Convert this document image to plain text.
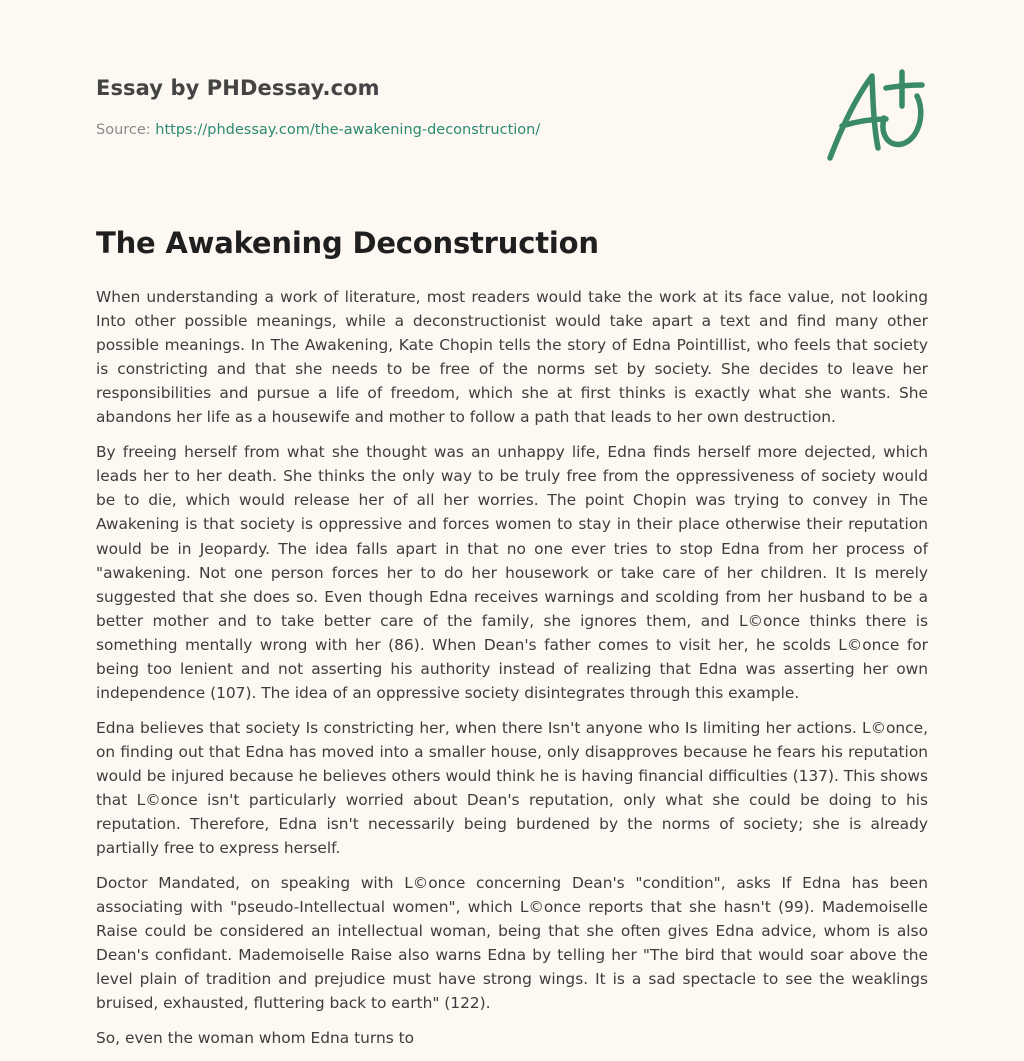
Essay by PHDessay.com
Source: https://phdessay.com/the-awakening-deconstruction/
The Awakening Deconstruction

When understanding a work of literature, most readers would take the work at its face value, not looking Into other possible meanings, while a deconstructionist would take apart a text and find many other possible meanings. In The Awakening, Kate Chopin tells the story of Edna Pointillist, who feels that society is constricting and that she needs to be free of the norms set by society. She decides to leave her responsibilities and pursue a life of freedom, which she at first thinks is exactly what she wants. She abandons her life as a housewife and mother to follow a path that leads to her own destruction.

By freeing herself from what she thought was an unhappy life, Edna finds herself more dejected, which leads her to her death. She thinks the only way to be truly free from the oppressiveness of society would be to die, which would release her of all her worries. The point Chopin was trying to convey in The Awakening is that society is oppressive and forces women to stay in their place otherwise their reputation would be in Jeopardy. The idea falls apart in that no one ever tries to stop Edna from her process of "awakening. Not one person forces her to do her housework or take care of her children. It Is merely suggested that she does so. Even though Edna receives warnings and scolding from her husband to be a better mother and to take better care of the family, she ignores them, and L©once thinks there is something mentally wrong with her (86). When Dean's father comes to visit her, he scolds L©once for being too lenient and not asserting his authority instead of realizing that Edna was asserting her own independence (107). The idea of an oppressive society disintegrates through this example.

Edna believes that society Is constricting her, when there Isn't anyone who Is limiting her actions. L©once, on finding out that Edna has moved into a smaller house, only disapproves because he fears his reputation would be injured because he believes others would think he is having financial difficulties (137). This shows that L©once isn't particularly worried about Dean's reputation, only what she could be doing to his reputation. Therefore, Edna isn't necessarily being burdened by the norms of society; she is already partially free to express herself.

Doctor Mandated, on speaking with L©once concerning Dean's "condition", asks If Edna has been associating with "pseudo-Intellectual women", which L©once reports that she hasn't (99). Mademoiselle Raise could be considered an intellectual woman, being that she often gives Edna advice, whom is also Dean's confidant. Mademoiselle Raise also warns Edna by telling her "The bird that would soar above the level plain of tradition and prejudice must have strong wings. It is a sad spectacle to see the weaklings bruised, exhausted, fluttering back to earth" (122).

So, even the woman whom Edna turns to
